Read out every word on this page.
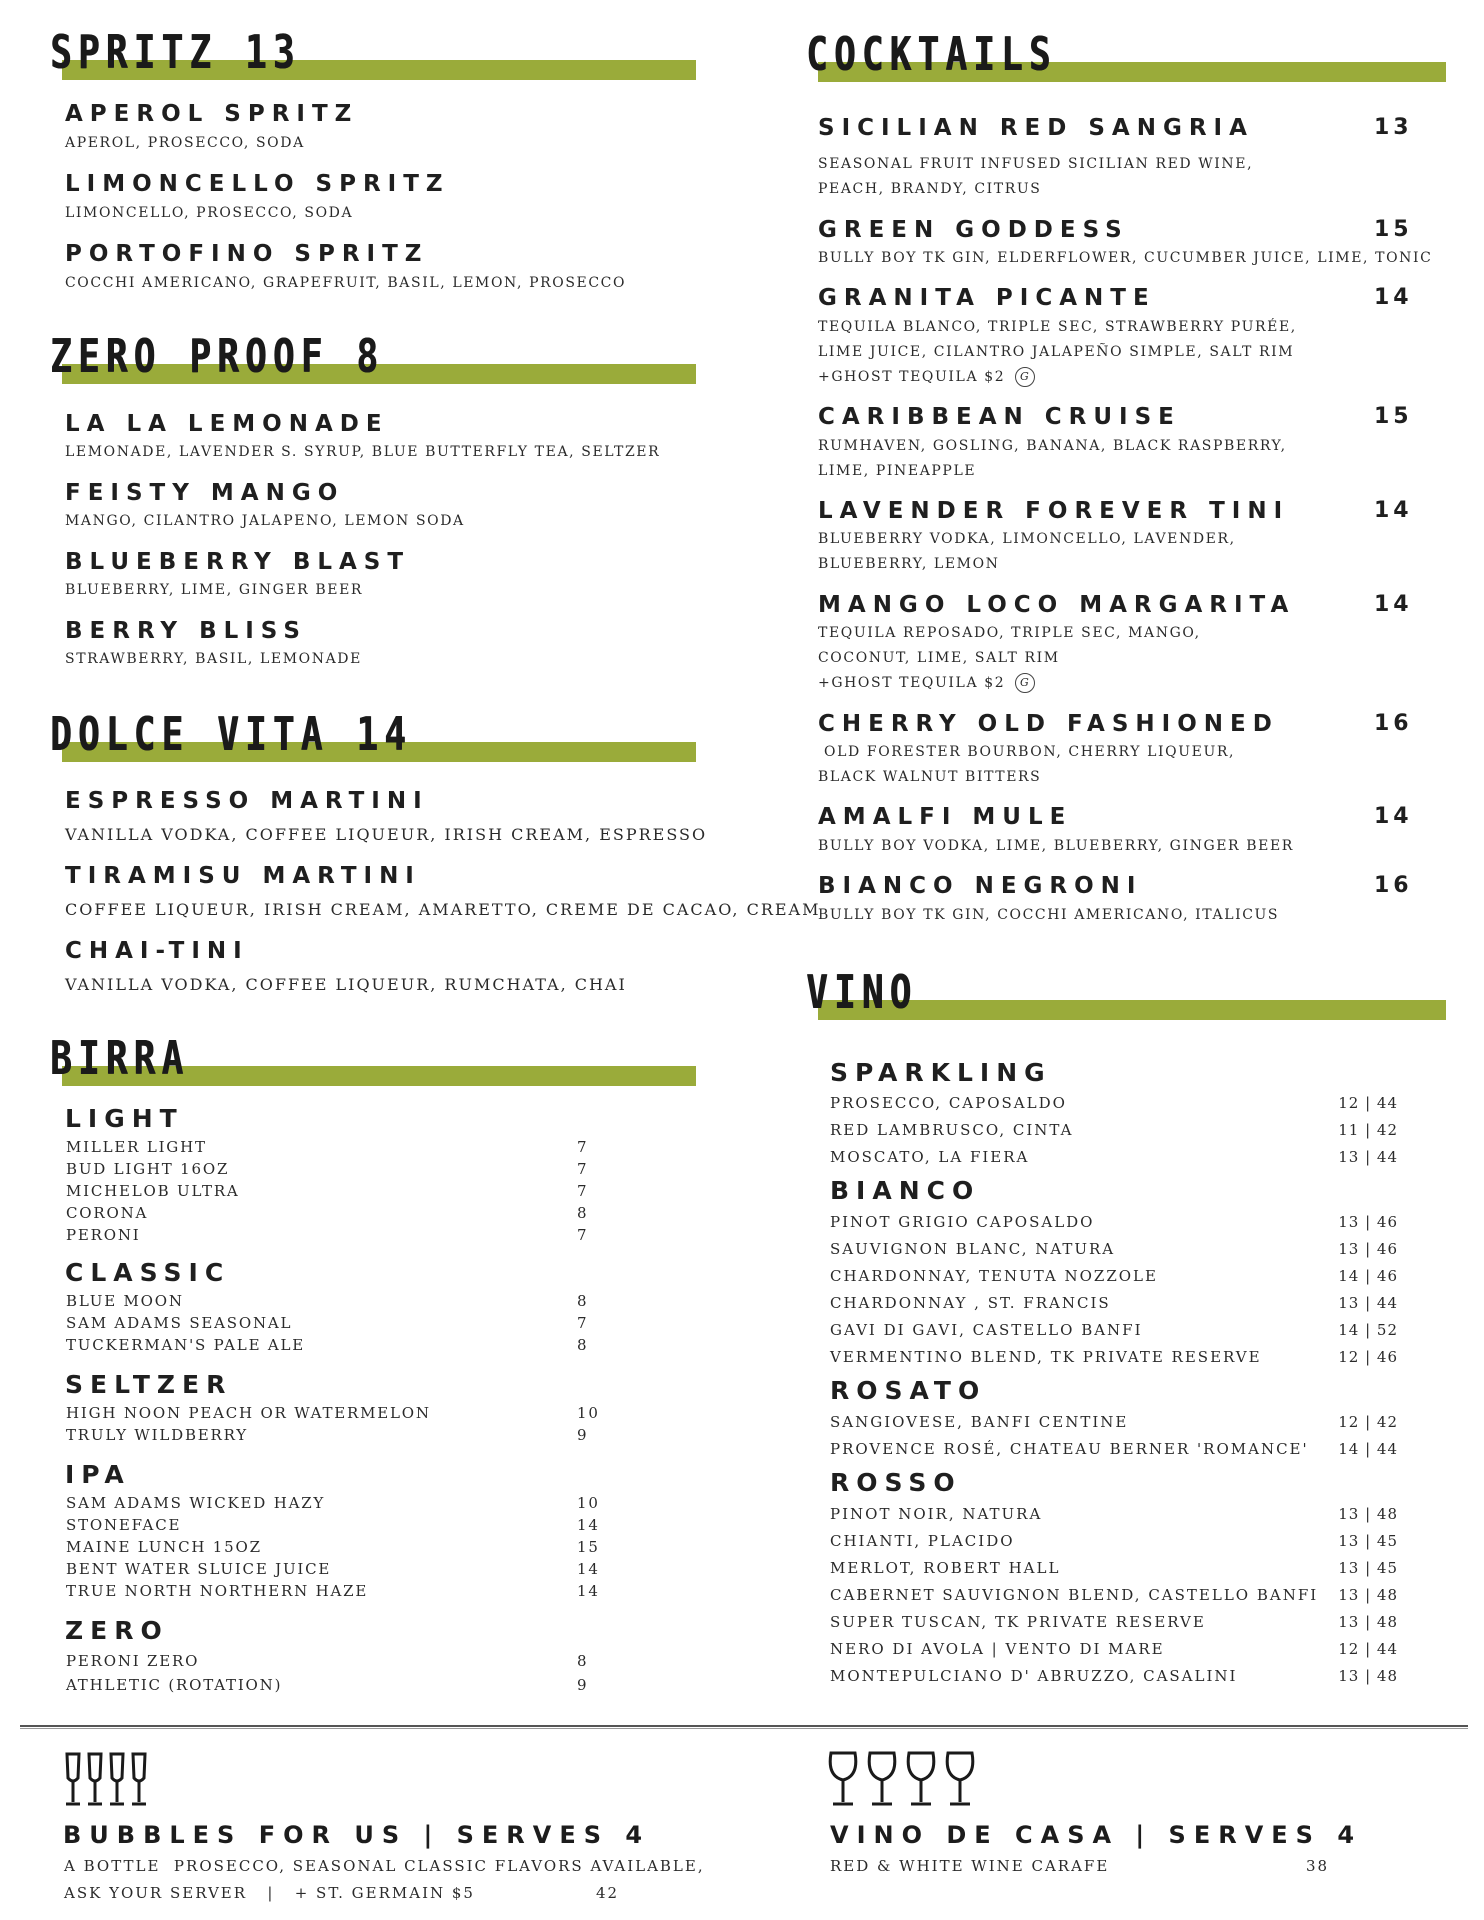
SPRITZ 13
APEROL SPRITZ
APEROL, PROSECCO, SODA
LIMONCELLO SPRITZ
LIMONCELLO, PROSECCO, SODA
PORTOFINO SPRITZ
COCCHI AMERICANO, GRAPEFRUIT, BASIL, LEMON, PROSECCO
ZERO PROOF 8
LA LA LEMONADE
LEMONADE, LAVENDER S. SYRUP, BLUE BUTTERFLY TEA, SELTZER
FEISTY MANGO
MANGO, CILANTRO JALAPENO, LEMON SODA
BLUEBERRY BLAST
BLUEBERRY, LIME, GINGER BEER
BERRY BLISS
STRAWBERRY, BASIL, LEMONADE
DOLCE VITA 14
ESPRESSO MARTINI
VANILLA VODKA, COFFEE LIQUEUR, IRISH CREAM, ESPRESSO
TIRAMISU MARTINI
COFFEE LIQUEUR, IRISH CREAM, AMARETTO, CREME DE CACAO, CREAM
CHAI-TINI
VANILLA VODKA, COFFEE LIQUEUR, RUMCHATA, CHAI
BIRRA
LIGHT
MILLER LIGHT	7
BUD LIGHT 16OZ	7
MICHELOB ULTRA	7
CORONA	8
PERONI	7
CLASSIC
BLUE MOON	8
SAM ADAMS SEASONAL	7
TUCKERMAN'S PALE ALE	8
SELTZER
HIGH NOON PEACH OR WATERMELON	10
TRULY WILDBERRY	9
IPA
SAM ADAMS WICKED HAZY	10
STONEFACE	14
MAINE LUNCH 15OZ	15
BENT WATER SLUICE JUICE	14
TRUE NORTH NORTHERN HAZE	14
ZERO
PERONI ZERO	8
ATHLETIC (ROTATION)	9
COCKTAILS
SICILIAN RED SANGRIA	13
SEASONAL FRUIT INFUSED SICILIAN RED WINE,
PEACH, BRANDY, CITRUS
GREEN GODDESS	15
BULLY BOY TK GIN, ELDERFLOWER, CUCUMBER JUICE, LIME, TONIC
GRANITA PICANTE	14
TEQUILA BLANCO, TRIPLE SEC, STRAWBERRY PURÉE,
LIME JUICE, CILANTRO JALAPEÑO SIMPLE, SALT RIM
+GHOST TEQUILA $2 G
CARIBBEAN CRUISE	15
RUMHAVEN, GOSLING, BANANA, BLACK RASPBERRY,
LIME, PINEAPPLE
LAVENDER FOREVER TINI	14
BLUEBERRY VODKA, LIMONCELLO, LAVENDER,
BLUEBERRY, LEMON
MANGO LOCO MARGARITA	14
TEQUILA REPOSADO, TRIPLE SEC, MANGO,
COCONUT, LIME, SALT RIM
+GHOST TEQUILA $2 G
CHERRY OLD FASHIONED	16
OLD FORESTER BOURBON, CHERRY LIQUEUR,
BLACK WALNUT BITTERS
AMALFI MULE	14
BULLY BOY VODKA, LIME, BLUEBERRY, GINGER BEER
BIANCO NEGRONI	16
BULLY BOY TK GIN, COCCHI AMERICANO, ITALICUS
VINO
SPARKLING
PROSECCO, CAPOSALDO	12 | 44
RED LAMBRUSCO, CINTA	11 | 42
MOSCATO, LA FIERA	13 | 44
BIANCO
PINOT GRIGIO CAPOSALDO	13 | 46
SAUVIGNON BLANC, NATURA	13 | 46
CHARDONNAY, TENUTA NOZZOLE	14 | 46
CHARDONNAY , ST. FRANCIS	13 | 44
GAVI DI GAVI, CASTELLO BANFI	14 | 52
VERMENTINO BLEND, TK PRIVATE RESERVE	12 | 46
ROSATO
SANGIOVESE, BANFI CENTINE	12 | 42
PROVENCE ROSÉ, CHATEAU BERNER 'ROMANCE' 14 | 44
ROSSO
PINOT NOIR, NATURA	13 | 48
CHIANTI, PLACIDO	13 | 45
MERLOT, ROBERT HALL	13 | 45
CABERNET SAUVIGNON BLEND, CASTELLO BANFI 13 | 48
SUPER TUSCAN, TK PRIVATE RESERVE	13 | 48
NERO DI AVOLA | VENTO DI MARE	12 | 44
MONTEPULCIANO D' ABRUZZO, CASALINI	13 | 48
BUBBLES FOR US | SERVES 4
A BOTTLE  PROSECCO, SEASONAL CLASSIC FLAVORS AVAILABLE,
ASK YOUR SERVER   |   + ST. GERMAIN $5	42
VINO DE CASA | SERVES 4
RED & WHITE WINE CARAFE	38
